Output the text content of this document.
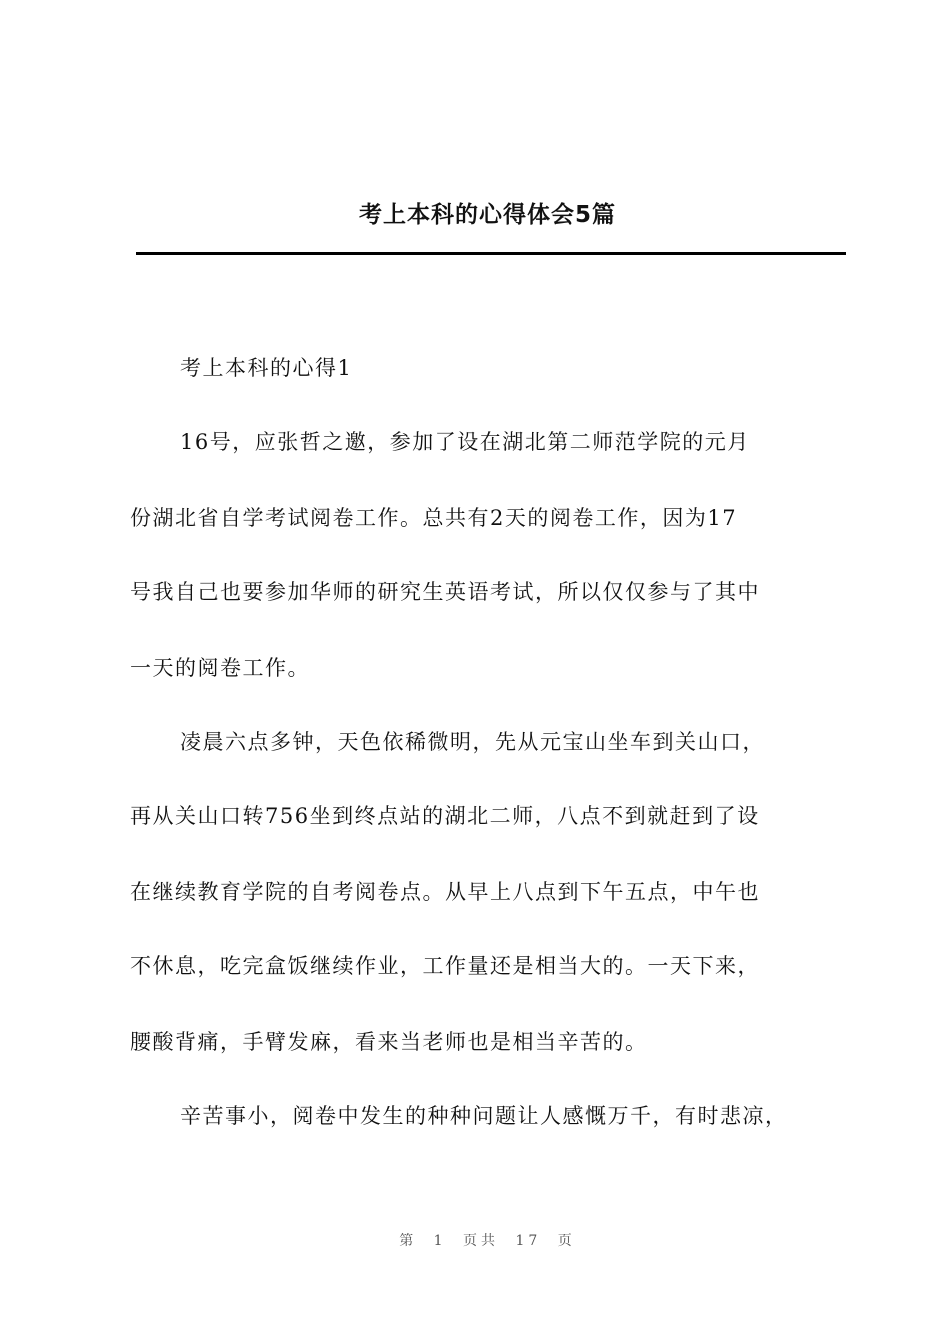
考上本科的心得体会5篇
考上本科的心得1
16号，应张哲之邀，参加了设在湖北第二师范学院的元月
份湖北省自学考试阅卷工作。总共有2天的阅卷工作，因为17
号我自己也要参加华师的研究生英语考试，所以仅仅参与了其中
一天的阅卷工作。
凌晨六点多钟，天色依稀微明，先从元宝山坐车到关山口，
再从关山口转756坐到终点站的湖北二师，八点不到就赶到了设
在继续教育学院的自考阅卷点。从早上八点到下午五点，中午也
不休息，吃完盒饭继续作业，工作量还是相当大的。一天下来，
腰酸背痛，手臂发麻，看来当老师也是相当辛苦的。
辛苦事小，阅卷中发生的种种问题让人感慨万千，有时悲凉，
第 1 页共 17 页
